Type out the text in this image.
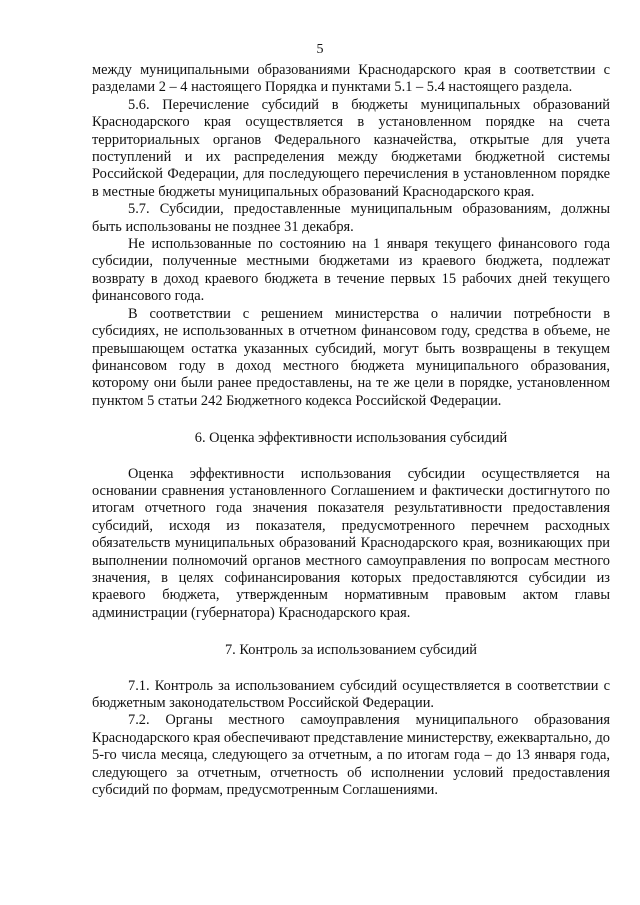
5

между муниципальными образованиями Краснодарского края в соответствии с разделами 2 – 4 настоящего Порядка и пунктами 5.1 – 5.4 настоящего раздела.

5.6. Перечисление субсидий в бюджеты муниципальных образований Краснодарского края осуществляется в установленном порядке на счета территориальных органов Федерального казначейства, открытые для учета поступлений и их распределения между бюджетами бюджетной системы Российской Федерации, для последующего перечисления в установленном порядке в местные бюджеты муниципальных образований Краснодарского края.

5.7. Субсидии, предоставленные муниципальным образованиям, должны быть использованы не позднее 31 декабря.

Не использованные по состоянию на 1 января текущего финансового года субсидии, полученные местными бюджетами из краевого бюджета, подлежат возврату в доход краевого бюджета в течение первых 15 рабочих дней текущего финансового года.

В соответствии с решением министерства о наличии потребности в субсидиях, не использованных в отчетном финансовом году, средства в объеме, не превышающем остатка указанных субсидий, могут быть возвращены в текущем финансовом году в доход местного бюджета муниципального образования, которому они были ранее предоставлены, на те же цели в порядке, установленном пунктом 5 статьи 242 Бюджетного кодекса Российской Федерации.

6. Оценка эффективности использования субсидий

Оценка эффективности использования субсидии осуществляется на основании сравнения установленного Соглашением и фактически достигнутого по итогам отчетного года значения показателя результативности предоставления субсидий, исходя из показателя, предусмотренного перечнем расходных обязательств муниципальных образований Краснодарского края, возникающих при выполнении полномочий органов местного самоуправления по вопросам местного значения, в целях софинансирования которых предоставляются субсидии из краевого бюджета, утвержденным нормативным правовым актом главы администрации (губернатора) Краснодарского края.

7. Контроль за использованием субсидий

7.1. Контроль за использованием субсидий осуществляется в соответствии с бюджетным законодательством Российской Федерации.

7.2. Органы местного самоуправления муниципального образования Краснодарского края обеспечивают представление министерству, ежеквартально, до 5-го числа месяца, следующего за отчетным, а по итогам года – до 13 января года, следующего за отчетным, отчетность об исполнении условий предоставления субсидий по формам, предусмотренным Соглашениями.
